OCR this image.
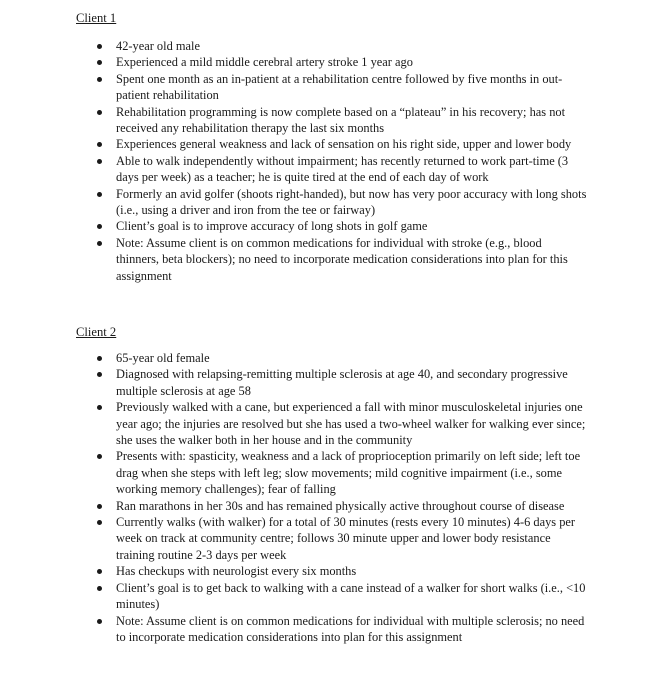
Client 1
42-year old male
Experienced a mild middle cerebral artery stroke 1 year ago
Spent one month as an in-patient at a rehabilitation centre followed by five months in out-patient rehabilitation
Rehabilitation programming is now complete based on a “plateau” in his recovery; has not received any rehabilitation therapy the last six months
Experiences general weakness and lack of sensation on his right side, upper and lower body
Able to walk independently without impairment; has recently returned to work part-time (3 days per week) as a teacher; he is quite tired at the end of each day of work
Formerly an avid golfer (shoots right-handed), but now has very poor accuracy with long shots (i.e., using a driver and iron from the tee or fairway)
Client’s goal is to improve accuracy of long shots in golf game
Note: Assume client is on common medications for individual with stroke (e.g., blood thinners, beta blockers); no need to incorporate medication considerations into plan for this assignment
Client 2
65-year old female
Diagnosed with relapsing-remitting multiple sclerosis at age 40, and secondary progressive multiple sclerosis at age 58
Previously walked with a cane, but experienced a fall with minor musculoskeletal injuries one year ago; the injuries are resolved but she has used a two-wheel walker for walking ever since; she uses the walker both in her house and in the community
Presents with: spasticity, weakness and a lack of proprioception primarily on left side; left toe drag when she steps with left leg; slow movements; mild cognitive impairment (i.e., some working memory challenges); fear of falling
Ran marathons in her 30s and has remained physically active throughout course of disease
Currently walks (with walker) for a total of 30 minutes (rests every 10 minutes) 4-6 days per week on track at community centre; follows 30 minute upper and lower body resistance training routine 2-3 days per week
Has checkups with neurologist every six months
Client’s goal is to get back to walking with a cane instead of a walker for short walks (i.e., <10 minutes)
Note: Assume client is on common medications for individual with multiple sclerosis; no need to incorporate medication considerations into plan for this assignment
